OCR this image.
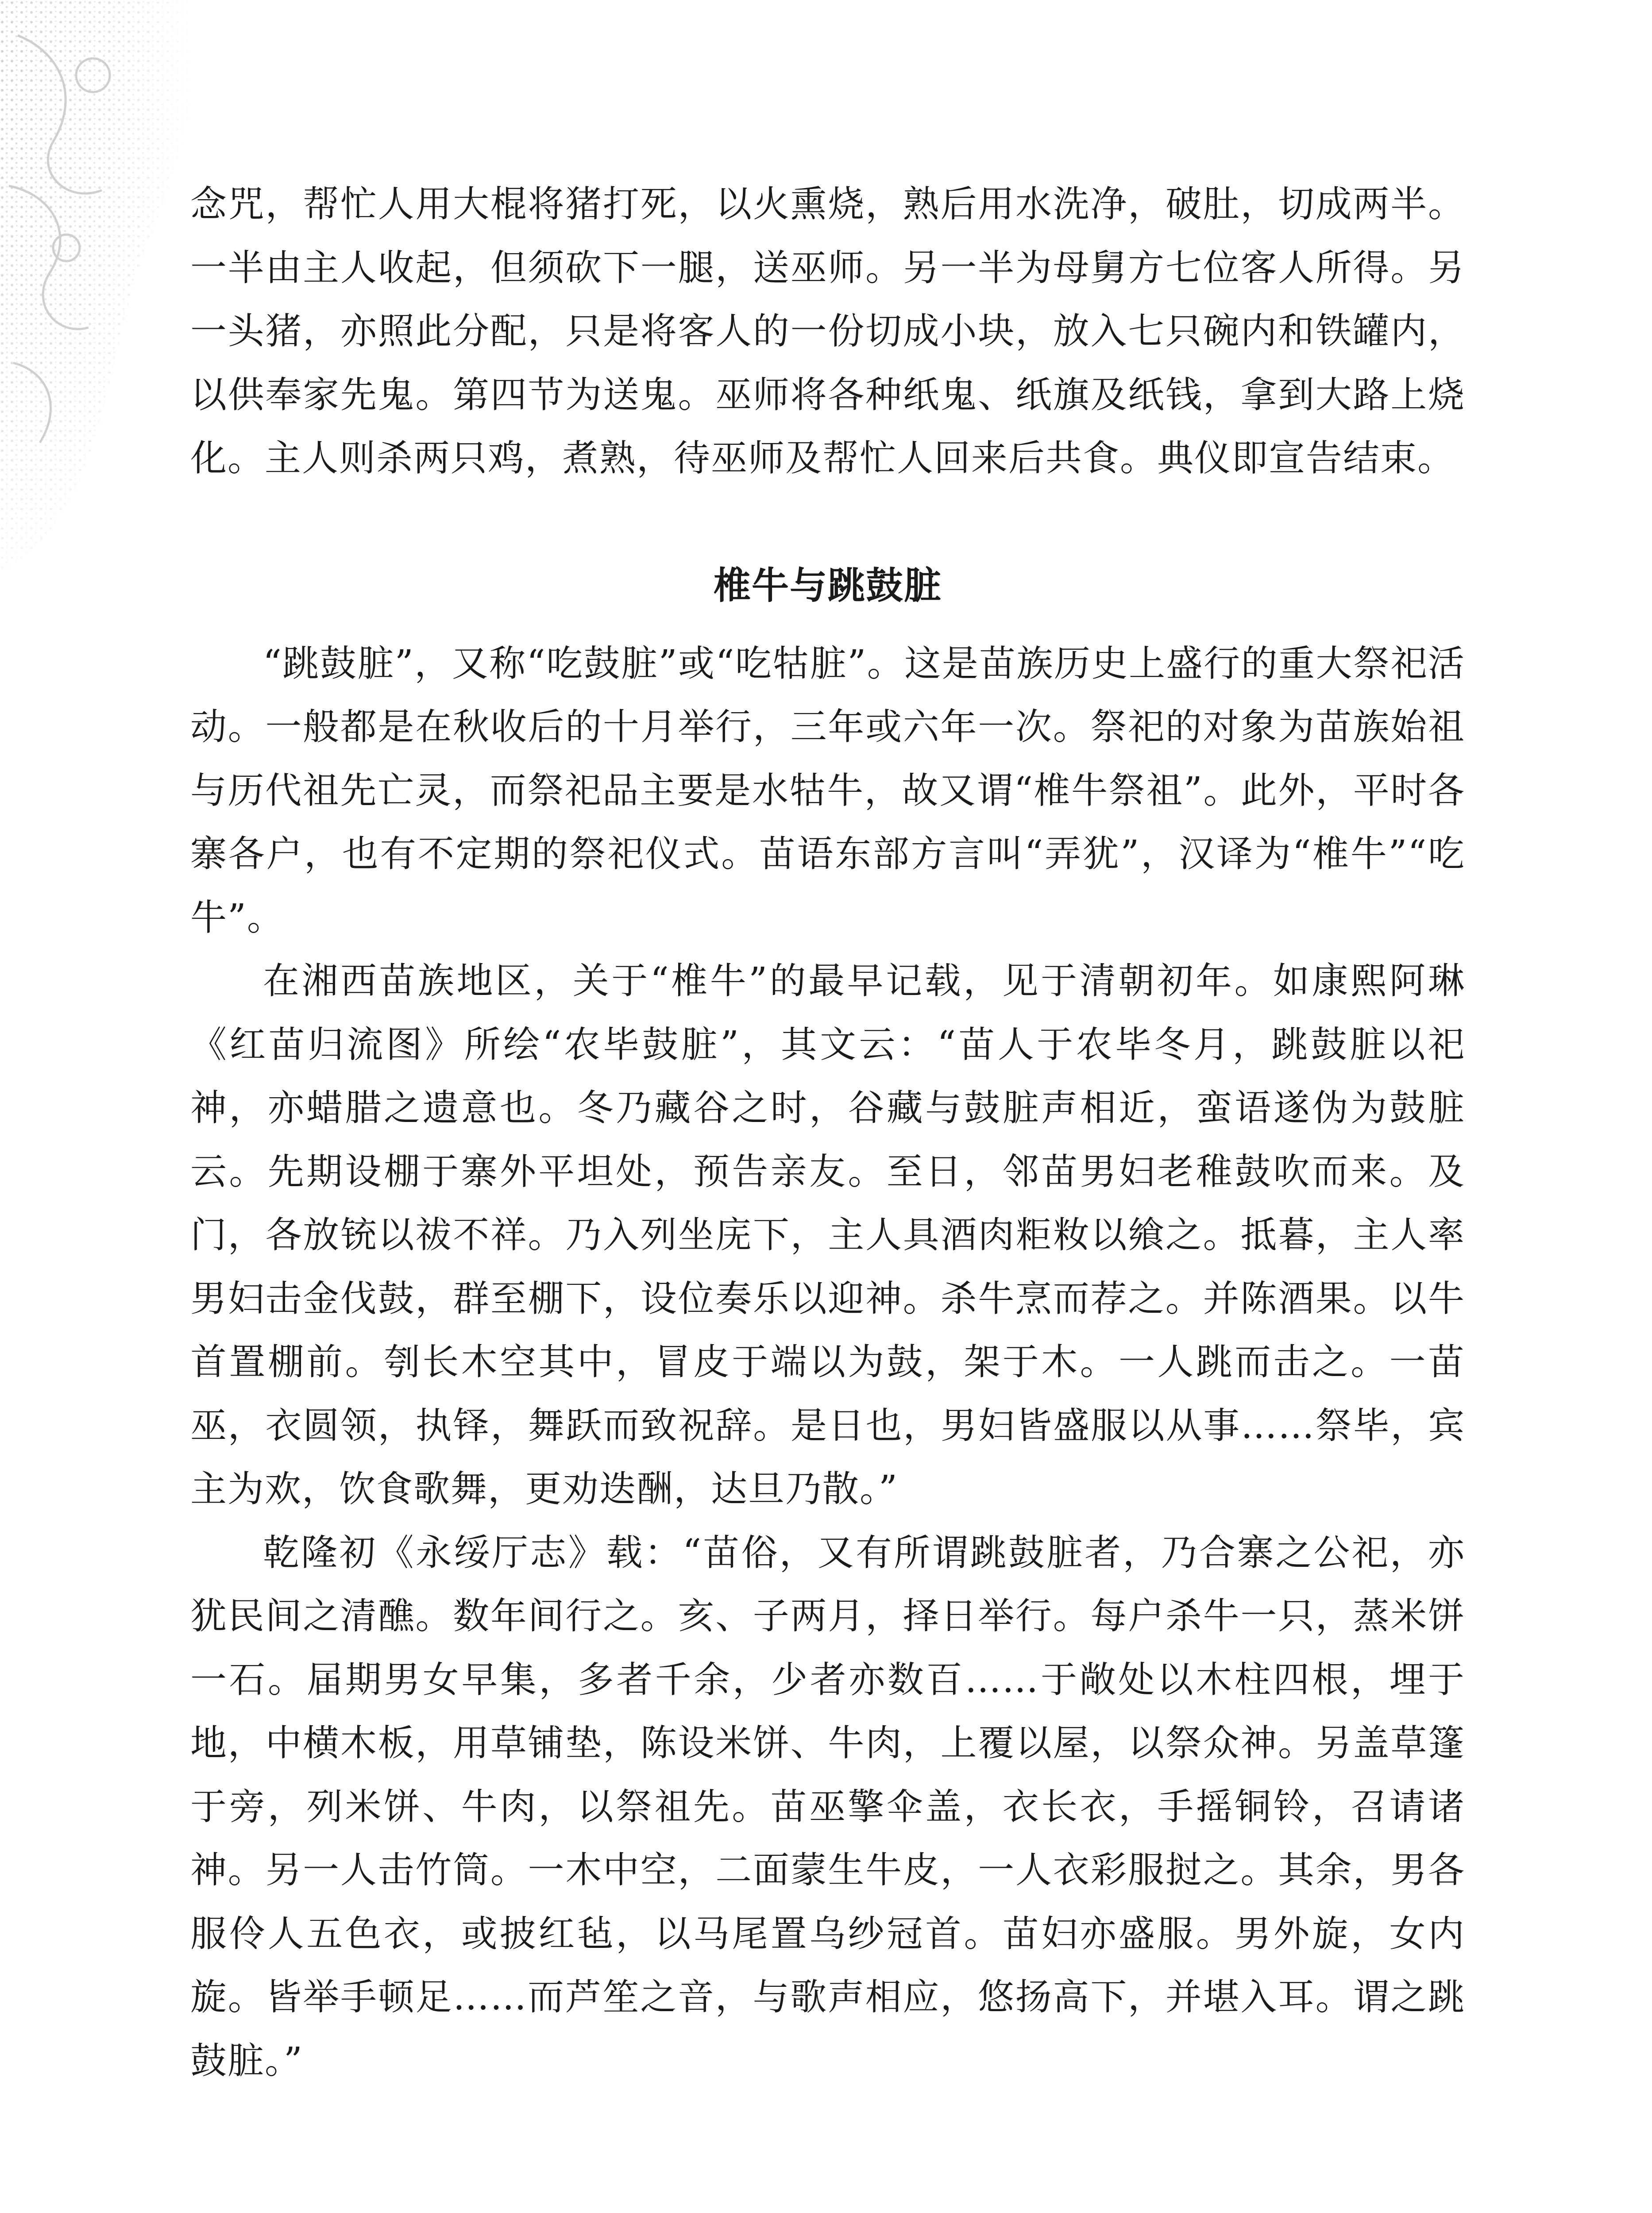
念咒，帮忙人用大棍将猪打死，以火熏烧，熟后用水洗净，破肚，切成两半。一半由主人收起，但须砍下一腿，送巫师。另一半为母舅方七位客人所得。另一头猪，亦照此分配，只是将客人的一份切成小块，放入七只碗内和铁罐内，以供奉家先鬼。第四节为送鬼。巫师将各种纸鬼、纸旗及纸钱，拿到大路上烧化。主人则杀两只鸡，煮熟，待巫师及帮忙人回来后共食。典仪即宣告结束。

椎牛与跳鼓脏

“跳鼓脏”，又称“吃鼓脏”或“吃牯脏”。这是苗族历史上盛行的重大祭祀活动。一般都是在秋收后的十月举行，三年或六年一次。祭祀的对象为苗族始祖与历代祖先亡灵，而祭祀品主要是水牯牛，故又谓“椎牛祭祖”。此外，平时各寨各户，也有不定期的祭祀仪式。苗语东部方言叫“弄犹”，汉译为“椎牛”“吃牛”。

在湘西苗族地区，关于“椎牛”的最早记载，见于清朝初年。如康熙阿琳《红苗归流图》所绘“农毕鼓脏”，其文云：“苗人于农毕冬月，跳鼓脏以祀神，亦蜡腊之遗意也。冬乃藏谷之时，谷藏与鼓脏声相近，蛮语遂伪为鼓脏云。先期设棚于寨外平坦处，预告亲友。至日，邻苗男妇老稚鼓吹而来。及门，各放铳以祓不祥。乃入列坐庑下，主人具酒肉粔籹以飨之。抵暮，主人率男妇击金伐鼓，群至棚下，设位奏乐以迎神。杀牛烹而荐之。并陈酒果。以牛首置棚前。刳长木空其中，冒皮于端以为鼓，架于木。一人跳而击之。一苗巫，衣圆领，执铎，舞跃而致祝辞。是日也，男妇皆盛服以从事……祭毕，宾主为欢，饮食歌舞，更劝迭酬，达旦乃散。”

乾隆初《永绥厅志》载：“苗俗，又有所谓跳鼓脏者，乃合寨之公祀，亦犹民间之清醮。数年间行之。亥、子两月，择日举行。每户杀牛一只，蒸米饼一石。届期男女早集，多者千余，少者亦数百……于敞处以木柱四根，埋于地，中横木板，用草铺垫，陈设米饼、牛肉，上覆以屋，以祭众神。另盖草篷于旁，列米饼、牛肉，以祭祖先。苗巫擎伞盖，衣长衣，手摇铜铃，召请诸神。另一人击竹筒。一木中空，二面蒙生牛皮，一人衣彩服挝之。其余，男各服伶人五色衣，或披红毡，以马尾置乌纱冠首。苗妇亦盛服。男外旋，女内旋。皆举手顿足……而芦笙之音，与歌声相应，悠扬高下，并堪入耳。谓之跳鼓脏。”
